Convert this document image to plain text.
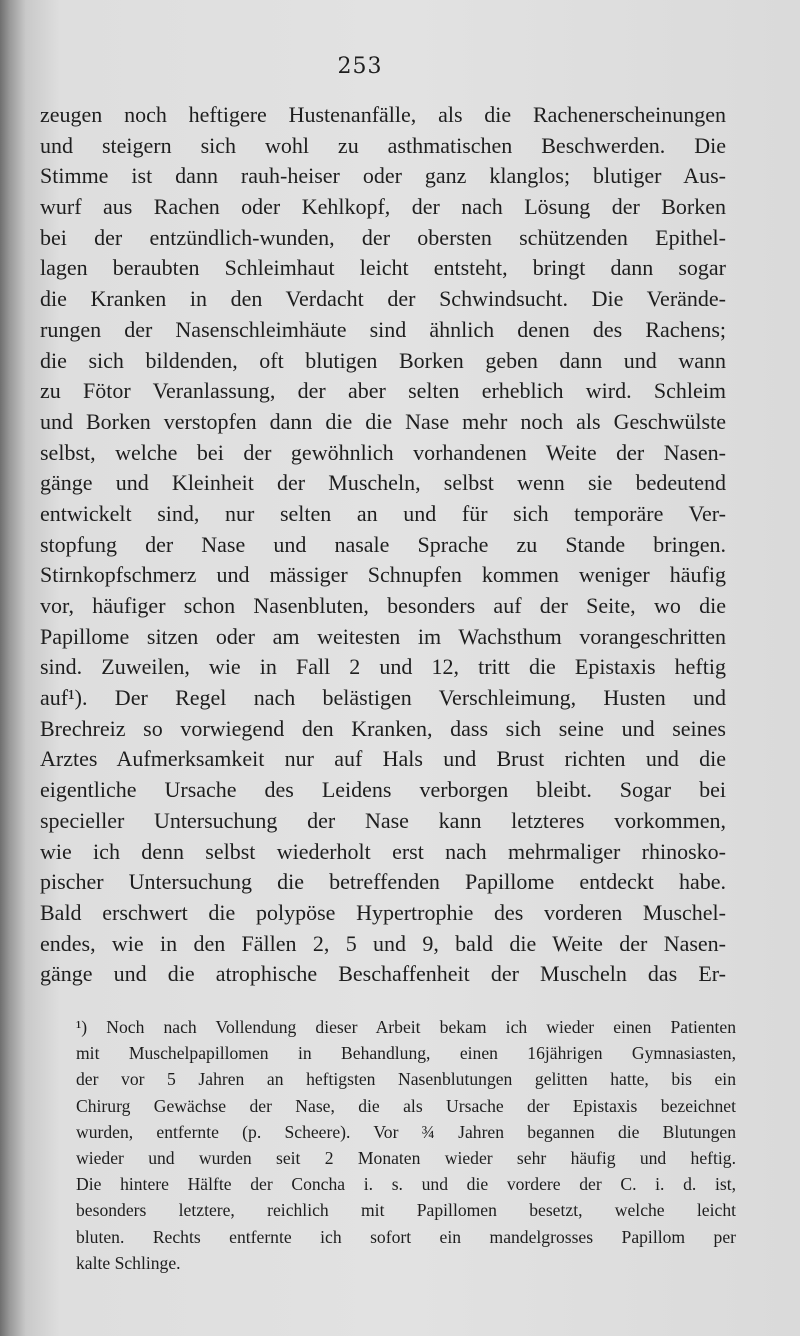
253
zeugen noch heftigere Hustenanfälle, als die Rachenerscheinungen
und steigern sich wohl zu asthmatischen Beschwerden. Die
Stimme ist dann rauh-heiser oder ganz klanglos; blutiger Aus-
wurf aus Rachen oder Kehlkopf, der nach Lösung der Borken
bei der entzündlich-wunden, der obersten schützenden Epithel-
lagen beraubten Schleimhaut leicht entsteht, bringt dann sogar
die Kranken in den Verdacht der Schwindsucht. Die Verände-
rungen der Nasenschleimhäute sind ähnlich denen des Rachens;
die sich bildenden, oft blutigen Borken geben dann und wann
zu Fötor Veranlassung, der aber selten erheblich wird. Schleim
und Borken verstopfen dann die die Nase mehr noch als Geschwülste
selbst, welche bei der gewöhnlich vorhandenen Weite der Nasen-
gänge und Kleinheit der Muscheln, selbst wenn sie bedeutend
entwickelt sind, nur selten an und für sich temporäre Ver-
stopfung der Nase und nasale Sprache zu Stande bringen.
Stirnkopfschmerz und mässiger Schnupfen kommen weniger häufig
vor, häufiger schon Nasenbluten, besonders auf der Seite, wo die
Papillome sitzen oder am weitesten im Wachsthum vorangeschritten
sind. Zuweilen, wie in Fall 2 und 12, tritt die Epistaxis heftig
auf¹). Der Regel nach belästigen Verschleimung, Husten und
Brechreiz so vorwiegend den Kranken, dass sich seine und seines
Arztes Aufmerksamkeit nur auf Hals und Brust richten und die
eigentliche Ursache des Leidens verborgen bleibt. Sogar bei
specieller Untersuchung der Nase kann letzteres vorkommen,
wie ich denn selbst wiederholt erst nach mehrmaliger rhinosko-
pischer Untersuchung die betreffenden Papillome entdeckt habe.
Bald erschwert die polypöse Hypertrophie des vorderen Muschel-
endes, wie in den Fällen 2, 5 und 9, bald die Weite der Nasen-
gänge und die atrophische Beschaffenheit der Muscheln das Er-
¹) Noch nach Vollendung dieser Arbeit bekam ich wieder einen Patienten
mit Muschelpapillomen in Behandlung, einen 16jährigen Gymnasiasten,
der vor 5 Jahren an heftigsten Nasenblutungen gelitten hatte, bis ein
Chirurg Gewächse der Nase, die als Ursache der Epistaxis bezeichnet
wurden, entfernte (p. Scheere). Vor ¾ Jahren begannen die Blutungen
wieder und wurden seit 2 Monaten wieder sehr häufig und heftig.
Die hintere Hälfte der Concha i. s. und die vordere der C. i. d. ist,
besonders letztere, reichlich mit Papillomen besetzt, welche leicht
bluten. Rechts entfernte ich sofort ein mandelgrosses Papillom per
kalte Schlinge.
